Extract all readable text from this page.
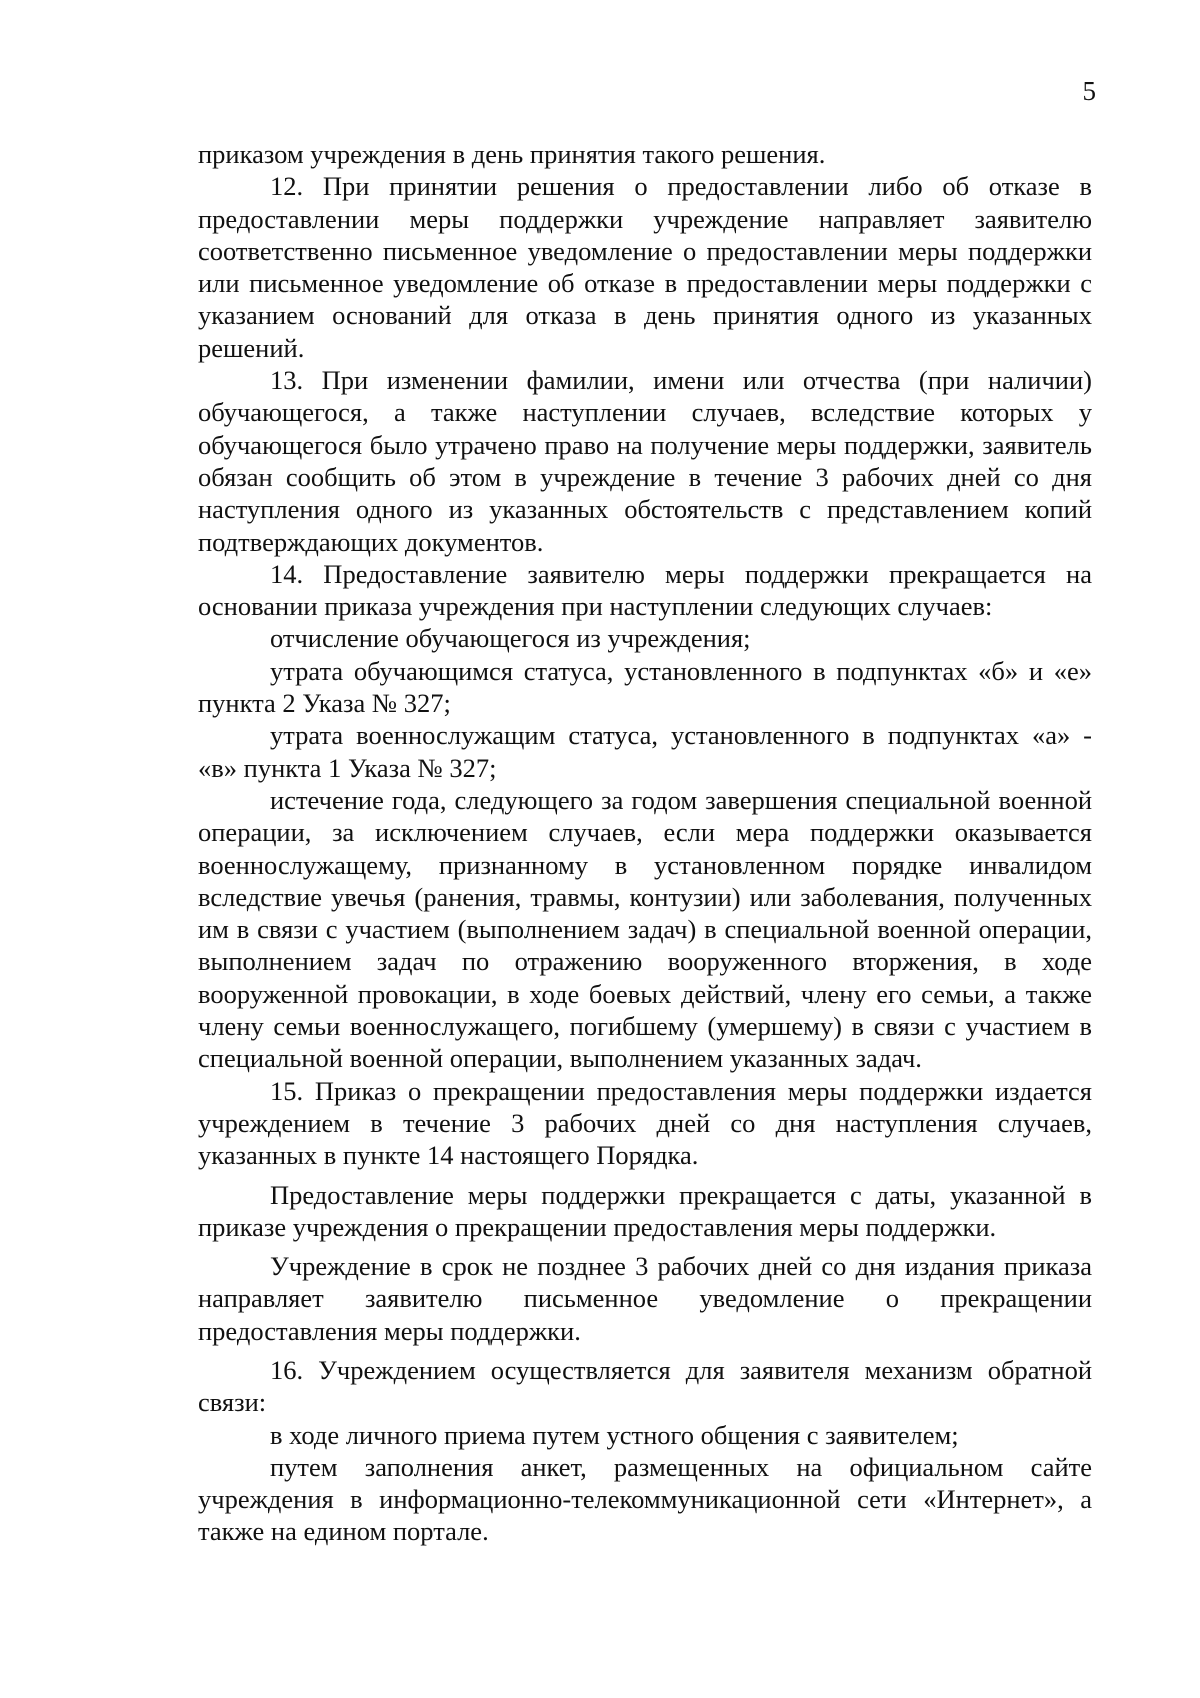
5

приказом учреждения в день принятия такого решения.

12. При принятии решения о предоставлении либо об отказе в предоставлении меры поддержки учреждение направляет заявителю соответственно письменное уведомление о предоставлении меры поддержки или письменное уведомление об отказе в предоставлении меры поддержки с указанием оснований для отказа в день принятия одного из указанных решений.

13. При изменении фамилии, имени или отчества (при наличии) обучающегося, а также наступлении случаев, вследствие которых у обучающегося было утрачено право на получение меры поддержки, заявитель обязан сообщить об этом в учреждение в течение 3 рабочих дней со дня наступления одного из указанных обстоятельств с представлением копий подтверждающих документов.

14. Предоставление заявителю меры поддержки прекращается на основании приказа учреждения при наступлении следующих случаев:

отчисление обучающегося из учреждения;

утрата обучающимся статуса, установленного в подпунктах «б» и «е» пункта 2 Указа № 327;

утрата военнослужащим статуса, установленного в подпунктах «а» - «в» пункта 1 Указа № 327;

истечение года, следующего за годом завершения специальной военной операции, за исключением случаев, если мера поддержки оказывается военнослужащему, признанному в установленном порядке инвалидом вследствие увечья (ранения, травмы, контузии) или заболевания, полученных им в связи с участием (выполнением задач) в специальной военной операции, выполнением задач по отражению вооруженного вторжения, в ходе вооруженной провокации, в ходе боевых действий, члену его семьи, а также члену семьи военнослужащего, погибшему (умершему) в связи с участием в специальной военной операции, выполнением указанных задач.

15. Приказ о прекращении предоставления меры поддержки издается учреждением в течение 3 рабочих дней со дня наступления случаев, указанных в пункте 14 настоящего Порядка.

Предоставление меры поддержки прекращается с даты, указанной в приказе учреждения о прекращении предоставления меры поддержки.

Учреждение в срок не позднее 3 рабочих дней со дня издания приказа направляет заявителю письменное уведомление о прекращении предоставления меры поддержки.

16. Учреждением осуществляется для заявителя механизм обратной связи:

в ходе личного приема путем устного общения с заявителем;

путем заполнения анкет, размещенных на официальном сайте учреждения в информационно-телекоммуникационной сети «Интернет», а также на едином портале.
